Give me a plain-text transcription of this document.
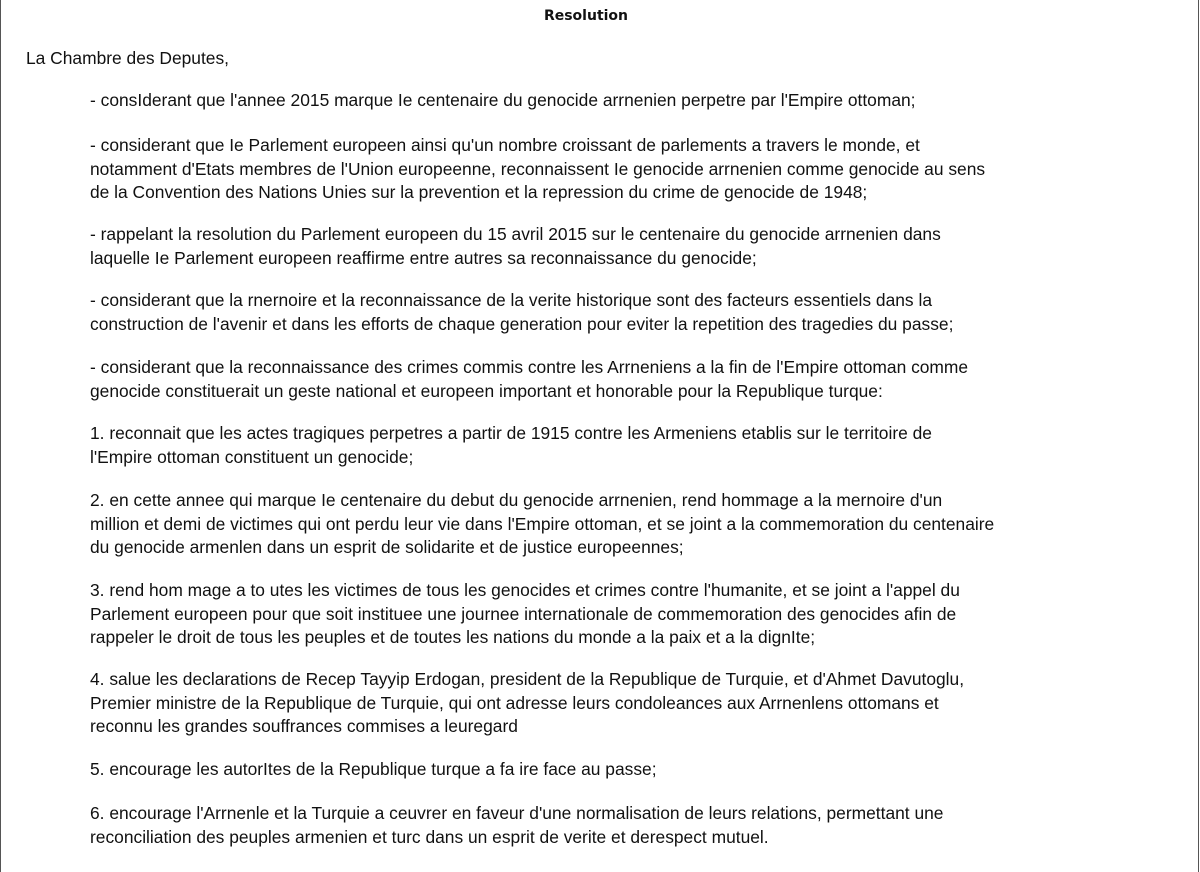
Resolution
La Chambre des Deputes,
- consIderant que l'annee 2015 marque Ie centenaire du genocide arrnenien perpetre par l'Empire ottoman;
- considerant que Ie Parlement europeen ainsi qu'un nombre croissant de parlements a travers le monde, et
notamment d'Etats membres de l'Union europeenne, reconnaissent Ie genocide arrnenien comme genocide au sens
de la Convention des Nations Unies sur la prevention et la repression du crime de genocide de 1948;
- rappelant la resolution du Parlement europeen du 15 avril 2015 sur le centenaire du genocide arrnenien dans
laquelle Ie Parlement europeen reaffirme entre autres sa reconnaissance du genocide;
- considerant que la rnernoire et la reconnaissance de la verite historique sont des facteurs essentiels dans la
construction de l'avenir et dans les efforts de chaque generation pour eviter la repetition des tragedies du passe;
- considerant que la reconnaissance des crimes commis contre les Arrneniens a la fin de l'Empire ottoman comme
genocide constituerait un geste national et europeen important et honorable pour la Republique turque:
1. reconnait que les actes tragiques perpetres a partir de 1915 contre les Armeniens etablis sur le territoire de
l'Empire ottoman constituent un genocide;
2. en cette annee qui marque Ie centenaire du debut du genocide arrnenien, rend hommage a la mernoire d'un
million et demi de victimes qui ont perdu leur vie dans l'Empire ottoman, et se joint a la commemoration du centenaire
du genocide armenlen dans un esprit de solidarite et de justice europeennes;
3. rend hom mage a to utes les victimes de tous les genocides et crimes contre l'humanite, et se joint a l'appel du
Parlement europeen pour que soit instituee une journee internationale de commemoration des genocides afin de
rappeler le droit de tous les peuples et de toutes les nations du monde a la paix et a la dignIte;
4. salue les declarations de Recep Tayyip Erdogan, president de la Republique de Turquie, et d'Ahmet Davutoglu,
Premier ministre de la Republique de Turquie, qui ont adresse leurs condoleances aux Arrnenlens ottomans et
reconnu les grandes souffrances commises a leuregard
5. encourage les autorItes de la Republique turque a fa ire face au passe;
6. encourage l'Arrnenle et la Turquie a ceuvrer en faveur d'une normalisation de leurs relations, permettant une
reconciliation des peuples armenien et turc dans un esprit de verite et derespect mutuel.
